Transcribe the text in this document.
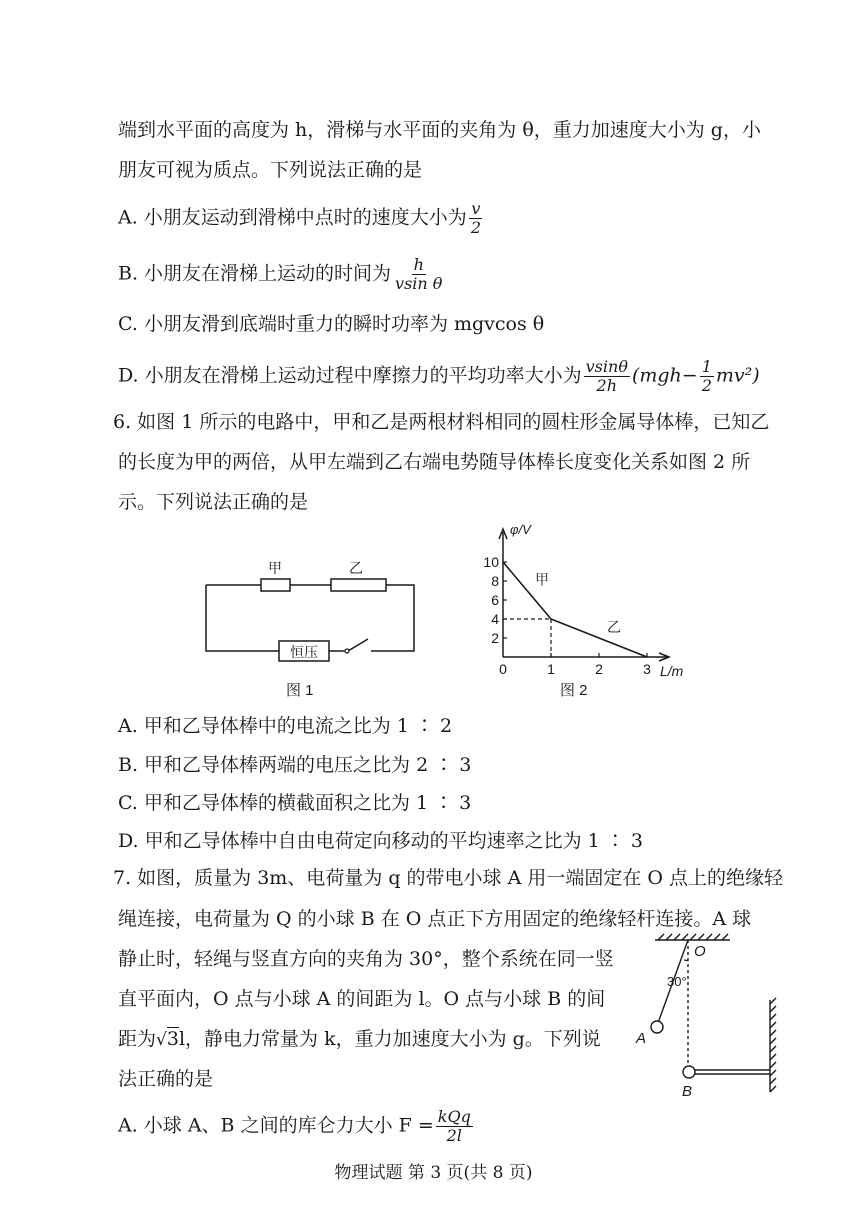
端到水平面的高度为 h，滑梯与水平面的夹角为 θ，重力加速度大小为 g，小
朋友可视为质点。下列说法正确的是
A. 小朋友运动到滑梯中点时的速度大小为 $\frac{v}{2}$
B. 小朋友在滑梯上运动的时间为 $\frac{h}{\text{vsin θ}}$
C. 小朋友滑到底端时重力的瞬时功率为 mgvcos θ
D. 小朋友在滑梯上运动过程中摩擦力的平均功率大小为 $\frac{vsin\theta}{2h} (mgh- \frac{1}{2} mv^2)$
6. 如图 1 所示的电路中，甲和乙是两根材料相同的圆柱形金属导体棒，已知乙
的长度为甲的两倍，从甲左端到乙右端电势随导体棒长度变化关系如图 2 所
示。下列说法正确的是
甲	乙
恒压
图 1
φ/V
L/m
2
4
6
8
10
0	1	2	3
甲
乙
图 2
A. 甲和乙导体棒中的电流之比为 1 ∶ 2
B. 甲和乙导体棒两端的电压之比为 2 ∶ 3
C. 甲和乙导体棒的横截面积之比为 1 ∶ 3
D. 甲和乙导体棒中自由电荷定向移动的平均速率之比为 1 ∶ 3
7. 如图，质量为 3m、电荷量为 q 的带电小球 A 用一端固定在 O 点上的绝缘轻
绳连接，电荷量为 Q 的小球 B 在 O 点正下方用固定的绝缘轻杆连接。A 球
静止时，轻绳与竖直方向的夹角为 30°，整个系统在同一竖
直平面内，O 点与小球 A 的间距为 l。O 点与小球 B 的间
距为√3l，静电力常量为 k，重力加速度大小为 g。下列说
法正确的是
A. 小球 A、B 之间的库仑力大小 $F = \frac{\text{kQq}}{2l}$
O
30°
A
B
物理试题 第 3 页(共 8 页)
